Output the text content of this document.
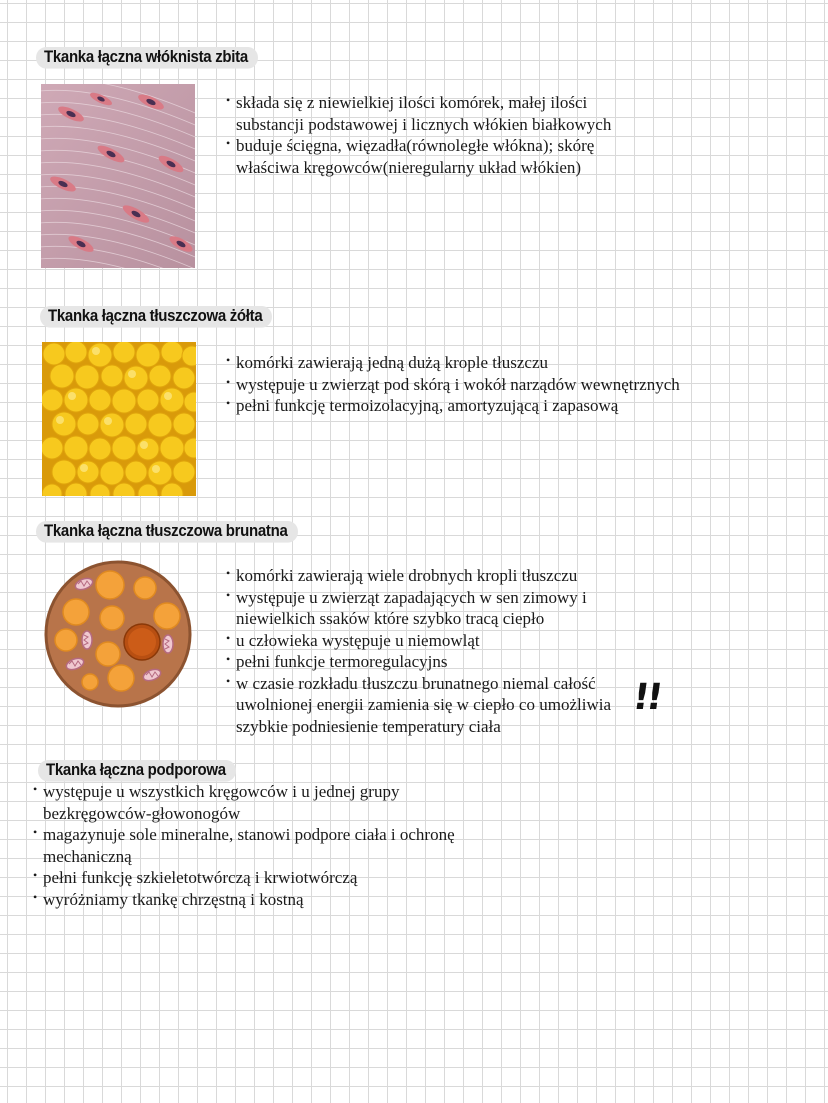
Tkanka łączna włóknista zbita
• składa się z niewielkiej ilości komórek, małej ilości substancji podstawowej i licznych włókien białkowych
• buduje ścięgna, więzadła(równoległe włókna); skórę właściwa kręgowców(nieregularny układ włókien)
Tkanka łączna tłuszczowa żółta
• komórki zawierają jedną dużą krople tłuszczu
• występuje u zwierząt pod skórą i wokół narządów wewnętrznych
• pełni funkcję termoizolacyjną, amortyzującą i zapasową
Tkanka łączna tłuszczowa brunatna
• komórki zawierają wiele drobnych kropli tłuszczu
• występuje u zwierząt zapadających w sen zimowy i niewielkich ssaków które szybko tracą ciepło
• u człowieka występuje u niemowląt
• pełni funkcje termoregulacyjns
• w czasie rozkładu tłuszczu brunatnego niemal całość uwolnionej energii zamienia się w ciepło co umożliwia szybkie podniesienie temperatury ciała
!!
Tkanka łączna podporowa
• występuje u wszystkich kręgowców i u jednej grupy bezkręgowców-głowonogów
• magazynuje sole mineralne, stanowi podpore ciała i ochronę mechaniczną
• pełni funkcję szkieletotwórczą i krwiotwórczą
• wyróżniamy tkankę chrzęstną i kostną
